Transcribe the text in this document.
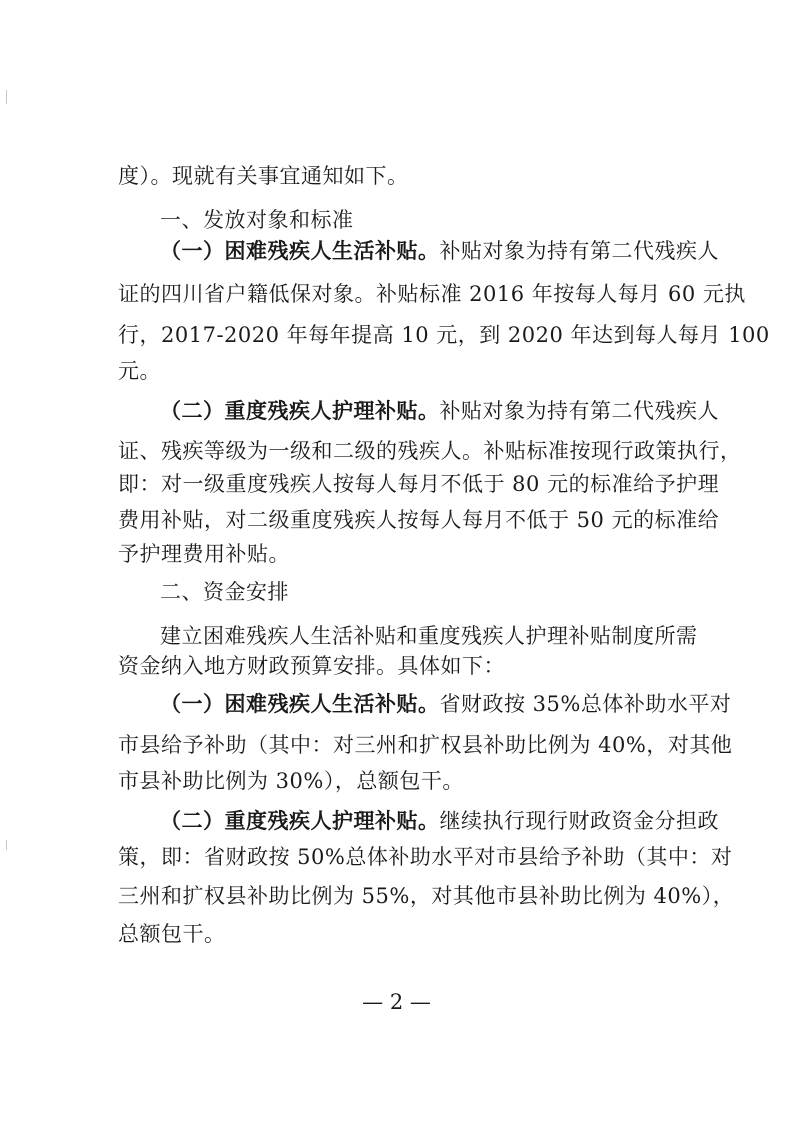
度）。现就有关事宜通知如下。
一、发放对象和标准
（一）困难残疾人生活补贴。补贴对象为持有第二代残疾人
证的四川省户籍低保对象。补贴标准 2016 年按每人每月 60 元执
行，2017-2020 年每年提高 10 元，到 2020 年达到每人每月 100
元。
（二）重度残疾人护理补贴。补贴对象为持有第二代残疾人
证、残疾等级为一级和二级的残疾人。补贴标准按现行政策执行，
即：对一级重度残疾人按每人每月不低于 80 元的标准给予护理
费用补贴，对二级重度残疾人按每人每月不低于 50 元的标准给
予护理费用补贴。
二、资金安排
建立困难残疾人生活补贴和重度残疾人护理补贴制度所需
资金纳入地方财政预算安排。具体如下：
（一）困难残疾人生活补贴。省财政按 35%总体补助水平对
市县给予补助（其中：对三州和扩权县补助比例为 40%，对其他
市县补助比例为 30%），总额包干。
（二）重度残疾人护理补贴。继续执行现行财政资金分担政
策，即：省财政按 50%总体补助水平对市县给予补助（其中：对
三州和扩权县补助比例为 55%，对其他市县补助比例为 40%），
总额包干。
— 2 —
